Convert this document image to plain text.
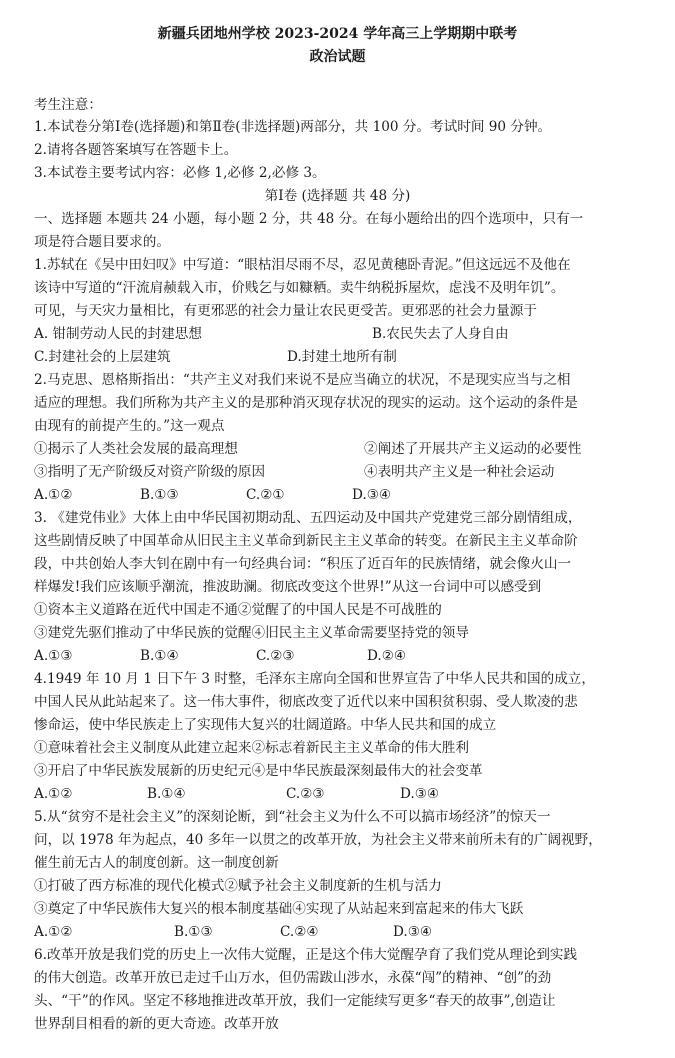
新疆兵团地州学校 2023-2024 学年高三上学期期中联考
政治试题
考生注意：
1.本试卷分第Ⅰ卷(选择题)和第Ⅱ卷(非选择题)两部分，共 100 分。考试时间 90 分钟。
2.请将各题答案填写在答题卡上。
3.本试卷主要考试内容：必修 1,必修 2,必修 3。
第Ⅰ卷 (选择题 共 48 分)
一、选择题 本题共 24 小题，每小题 2 分，共 48 分。在每小题给出的四个选项中，只有一
项是符合题目要求的。
1.苏轼在《吴中田妇叹》中写道：“眼枯泪尽雨不尽，忍见黄穗卧青泥。”但这远远不及他在
该诗中写道的“汗流肩赪载入市，价贱乞与如糠粞。卖牛纳税拆屋炊，虑浅不及明年饥”。
可见，与天灾力量相比，有更邪恶的社会力量让农民更受苦。更邪恶的社会力量源于
A. 钳制劳动人民的封建思想	B.农民失去了人身自由
C.封建社会的上层建筑	D.封建土地所有制
2.马克思、恩格斯指出：“共产主义对我们来说不是应当确立的状况，不是现实应当与之相
适应的理想。我们所称为共产主义的是那种消灭现存状况的现实的运动。这个运动的条件是
由现有的前提产生的。”这一观点
①揭示了人类社会发展的最高理想	②阐述了开展共产主义运动的必要性
③指明了无产阶级反对资产阶级的原因	④表明共产主义是一种社会运动
A.①②	B.①③	C.②①	D.③④
3. 《建党伟业》大体上由中华民国初期动乱、五四运动及中国共产党建党三部分剧情组成，
这些剧情反映了中国革命从旧民主主义革命到新民主主义革命的转变。在新民主主义革命阶
段，中共创始人李大钊在剧中有一句经典台词：“积压了近百年的民族情绪，就会像火山一
样爆发!我们应该顺乎潮流，推波助澜。彻底改变这个世界!”从这一台词中可以感受到
①资本主义道路在近代中国走不通②觉醒了的中国人民是不可战胜的
③建党先驱们推动了中华民族的觉醒④旧民主主义革命需要坚持党的领导
A.①③	B.①④	C.②③	D.②④
4.1949 年 10 月 1 日下午 3 时整，毛泽东主席向全国和世界宣告了中华人民共和国的成立，
中国人民从此站起来了。这一伟大事件，彻底改变了近代以来中国积贫积弱、受人欺凌的悲
惨命运，使中华民族走上了实现伟大复兴的壮阔道路。中华人民共和国的成立
①意味着社会主义制度从此建立起来②标志着新民主主义革命的伟大胜利
③开启了中华民族发展新的历史纪元④是中华民族最深刻最伟大的社会变革
A.①②	B.①④	C.②③	D.③④
5.从“贫穷不是社会主义”的深刻论断，到“社会主义为什么不可以搞市场经济”的惊天一
问，以 1978 年为起点，40 多年一以贯之的改革开放，为社会主义带来前所未有的广阔视野，
催生前无古人的制度创新。这一制度创新
①打破了西方标准的现代化模式②赋予社会主义制度新的生机与活力
③奠定了中华民族伟大复兴的根本制度基础④实现了从站起来到富起来的伟大飞跃
A.①②	B.①③	C.②④	D.③④
6.改革开放是我们党的历史上一次伟大觉醒，正是这个伟大觉醒孕育了我们党从理论到实践
的伟大创造。改革开放已走过千山万水，但仍需跋山涉水，永葆“闯”的精神、“创”的劲
头、“干”的作风。坚定不移地推进改革开放，我们一定能续写更多“春天的故事”,创造让
世界刮目相看的新的更大奇迹。改革开放
